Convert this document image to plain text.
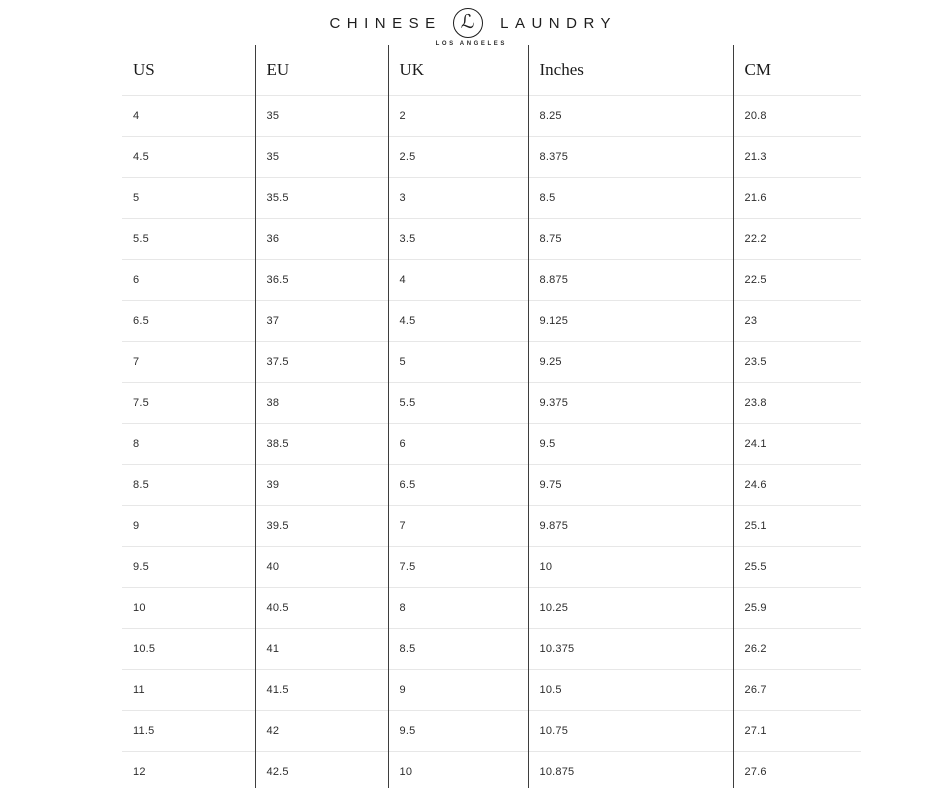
CHINESE ℒ	LAUNDRY
LOS ANGELES
US	EU	UK	Inches	CM
4	35	2	8.25	20.8
4.5	35	2.5	8.375	21.3
5	35.5	3	8.5	21.6
5.5	36	3.5	8.75	22.2
6	36.5	4	8.875	22.5
6.5	37	4.5	9.125	23
7	37.5	5	9.25	23.5
7.5	38	5.5	9.375	23.8
8	38.5	6	9.5	24.1
8.5	39	6.5	9.75	24.6
9	39.5	7	9.875	25.1
9.5	40	7.5	10	25.5
10	40.5	8	10.25	25.9
10.5	41	8.5	10.375	26.2
11	41.5	9	10.5	26.7
11.5	42	9.5	10.75	27.1
12	42.5	10	10.875	27.6
